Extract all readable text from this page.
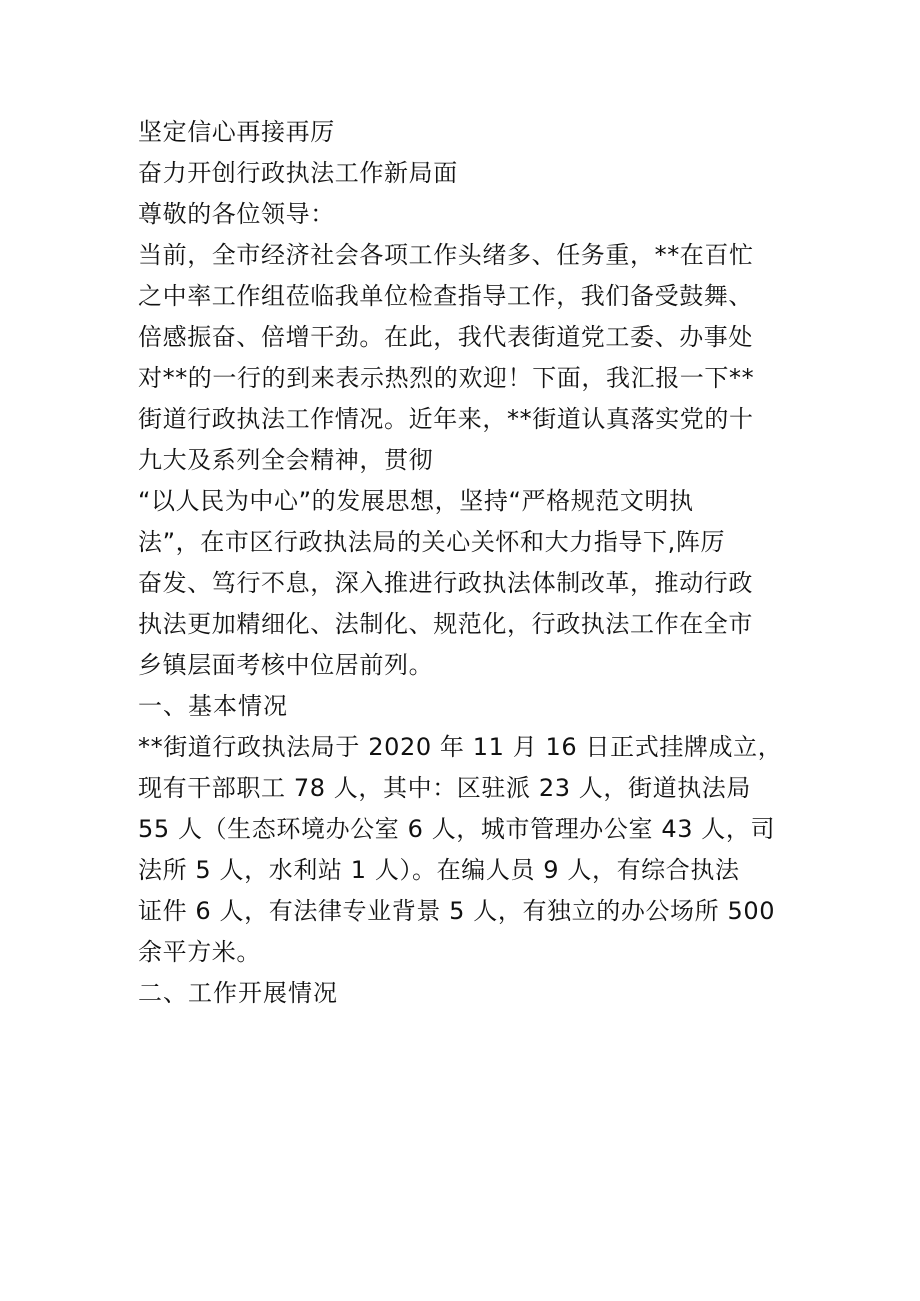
坚定信心再接再厉

奋力开创行政执法工作新局面

尊敬的各位领导：

当前，全市经济社会各项工作头绪多、任务重，**在百忙

之中率工作组莅临我单位检查指导工作，我们备受鼓舞、

倍感振奋、倍增干劲。在此，我代表街道党工委、办事处

对**的一行的到来表示热烈的欢迎！下面，我汇报一下**

街道行政执法工作情况。近年来，**街道认真落实党的十

九大及系列全会精神，贯彻

“以人民为中心”的发展思想，坚持“严格规范文明执

法”，在市区行政执法局的关心关怀和大力指导下,阵厉

奋发、笃行不息，深入推进行政执法体制改革，推动行政

执法更加精细化、法制化、规范化，行政执法工作在全市

乡镇层面考核中位居前列。

一、基本情况

**街道行政执法局于 2020 年 11 月 16 日正式挂牌成立，

现有干部职工 78 人，其中：区驻派 23 人，街道执法局

55 人（生态环境办公室 6 人，城市管理办公室 43 人，司

法所 5 人，水利站 1 人）。在编人员 9 人，有综合执法

证件 6 人，有法律专业背景 5 人，有独立的办公场所 500

余平方米。

二、工作开展情况
